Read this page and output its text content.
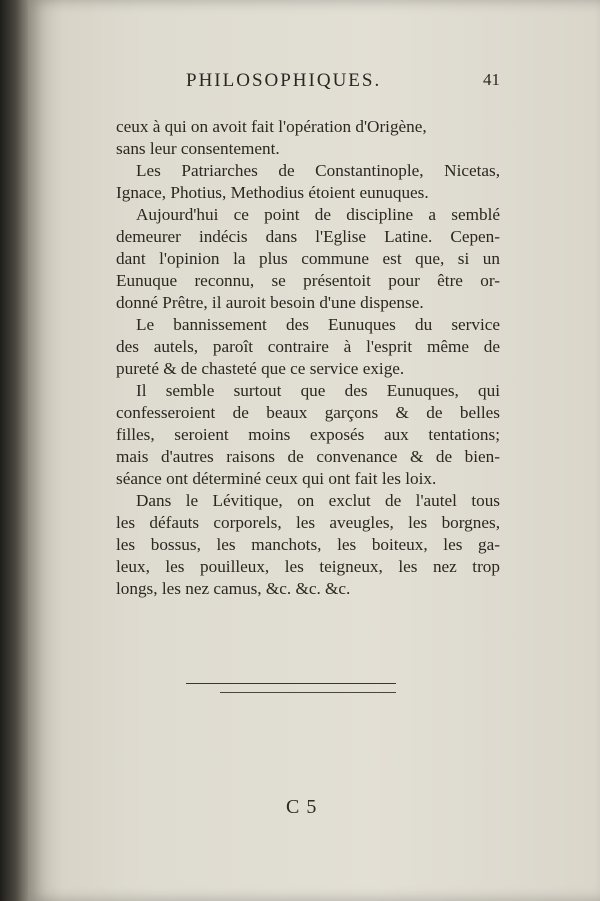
PHILOSOPHIQUES.	41

ceux à qui on avoit fait l'opération d'Origène,

sans leur consentement.

Les Patriarches de Constantinople, Nicetas,

Ignace, Photius, Methodius étoient eunuques.

Aujourd'hui ce point de discipline a semblé

demeurer indécis dans l'Eglise Latine. Cepen-

dant l'opinion la plus commune est que, si un

Eunuque reconnu, se présentoit pour être or-

donné Prêtre, il auroit besoin d'une dispense.

Le bannissement des Eunuques du service

des autels, paroît contraire à l'esprit même de

pureté & de chasteté que ce service exige.

Il semble surtout que des Eunuques, qui

confesseroient de beaux garçons & de belles

filles, seroient moins exposés aux tentations;

mais d'autres raisons de convenance & de bien-

séance ont déterminé ceux qui ont fait les loix.

Dans le Lévitique, on exclut de l'autel tous

les défauts corporels, les aveugles, les borgnes,

les bossus, les manchots, les boiteux, les ga-

leux, les pouilleux, les teigneux, les nez trop

longs, les nez camus, &c. &c. &c.

C 5
